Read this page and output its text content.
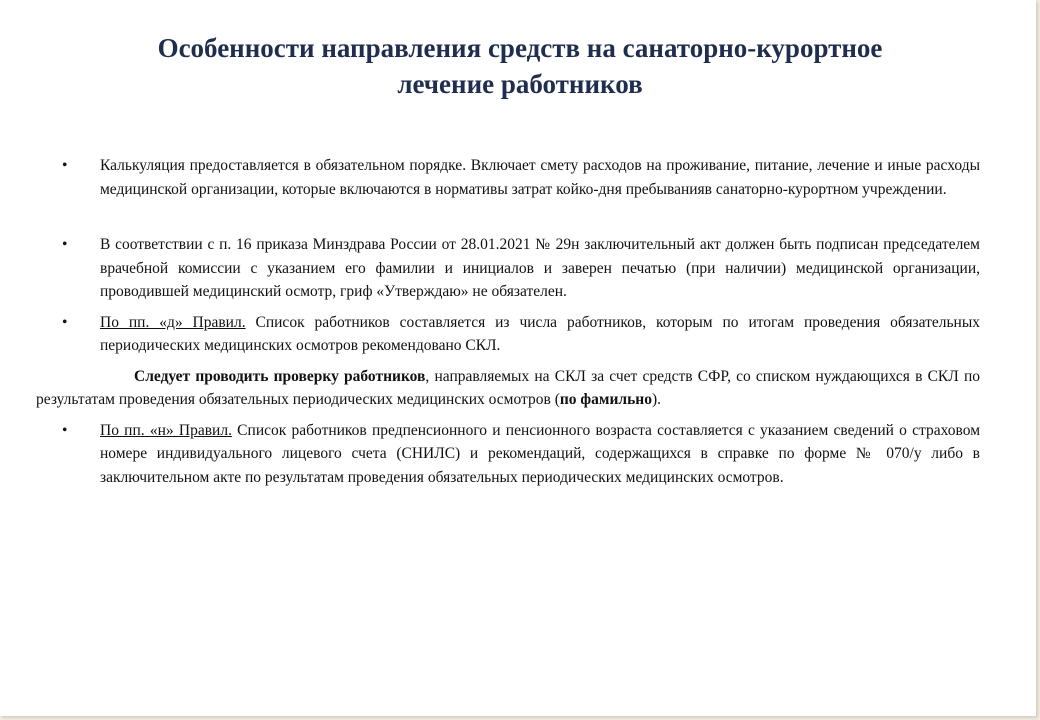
Особенности направления средств на санаторно-курортное
лечение работников
•	Калькуляция предоставляется в обязательном порядке. Включает смету расходов на проживание, питание, лечение и иные расходы медицинской организации, которые включаются в нормативы затрат койко-дня пребыванияв санаторно-курортном учреждении.
•	В соответствии с п. 16 приказа Минздрава России от 28.01.2021 № 29н заключительный акт должен быть подписан председателем врачебной комиссии с указанием его фамилии и инициалов и заверен печатью (при наличии) медицинской организации, проводившей медицинский осмотр, гриф «Утверждаю» не обязателен.
•	По пп. «д» Правил. Список работников составляется из числа работников, которым по итогам проведения обязательных периодических медицинских осмотров рекомендовано СКЛ.
Следует проводить проверку работников, направляемых на СКЛ за счет средств СФР, со списком нуждающихся в СКЛ по результатам проведения обязательных периодических медицинских осмотров (по фамильно).
•	По пп. «н» Правил. Список работников предпенсионного и пенсионного возраста составляется с указанием сведений о страховом номере индивидуального лицевого счета (СНИЛС) и рекомендаций, содержащихся в справке по форме № 070/у либо в заключительном акте по результатам проведения обязательных периодических медицинских осмотров.
